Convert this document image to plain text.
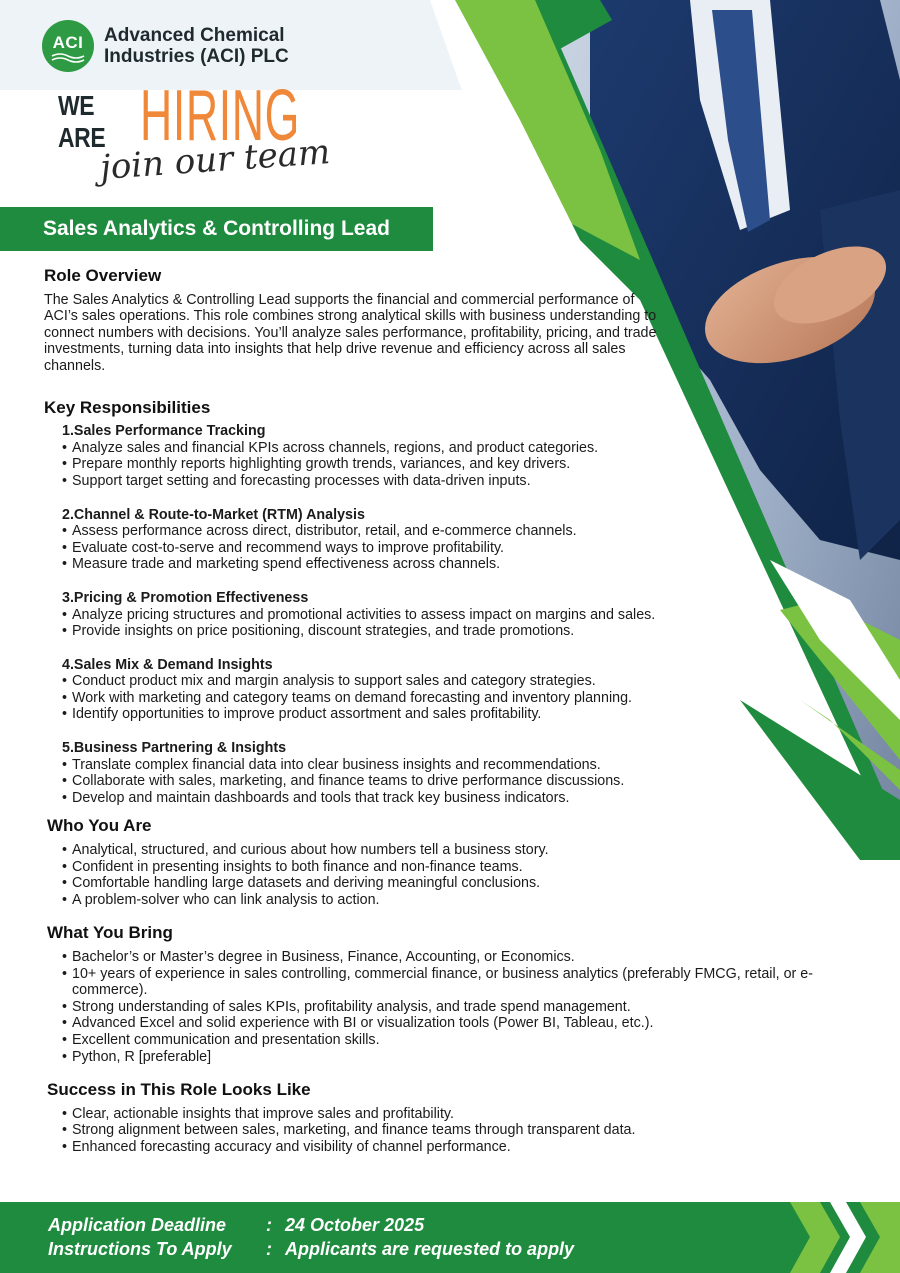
ACI Advanced Chemical
Industries (ACI) PLC
WE ARE HIRING
join our team
Sales Analytics & Controlling Lead
Role Overview

The Sales Analytics & Controlling Lead supports the financial and commercial performance of ACI’s sales operations. This role combines strong analytical skills with business understanding to connect numbers with decisions. You’ll analyze sales performance, profitability, pricing, and trade investments, turning data into insights that help drive revenue and efficiency across all sales channels.

Key Responsibilities
1.Sales Performance Tracking
• Analyze sales and financial KPIs across channels, regions, and product categories.
• Prepare monthly reports highlighting growth trends, variances, and key drivers.
• Support target setting and forecasting processes with data-driven inputs.
2.Channel & Route-to-Market (RTM) Analysis
• Assess performance across direct, distributor, retail, and e-commerce channels.
• Evaluate cost-to-serve and recommend ways to improve profitability.
• Measure trade and marketing spend effectiveness across channels.
3.Pricing & Promotion Effectiveness
• Analyze pricing structures and promotional activities to assess impact on margins and sales.
• Provide insights on price positioning, discount strategies, and trade promotions.
4.Sales Mix & Demand Insights
• Conduct product mix and margin analysis to support sales and category strategies.
• Work with marketing and category teams on demand forecasting and inventory planning.
• Identify opportunities to improve product assortment and sales profitability.
5.Business Partnering & Insights
• Translate complex financial data into clear business insights and recommendations.
• Collaborate with sales, marketing, and finance teams to drive performance discussions.
• Develop and maintain dashboards and tools that track key business indicators.
Who You Are
• Analytical, structured, and curious about how numbers tell a business story.
• Confident in presenting insights to both finance and non-finance teams.
• Comfortable handling large datasets and deriving meaningful conclusions.
• A problem-solver who can link analysis to action.
What You Bring
• Bachelor’s or Master’s degree in Business, Finance, Accounting, or Economics.
• 10+ years of experience in sales controlling, commercial finance, or business analytics (preferably FMCG, retail, or e-commerce).
• Strong understanding of sales KPIs, profitability analysis, and trade spend management.
• Advanced Excel and solid experience with BI or visualization tools (Power BI, Tableau, etc.).
• Excellent communication and presentation skills.
• Python, R [preferable]
Success in This Role Looks Like
• Clear, actionable insights that improve sales and profitability.
• Strong alignment between sales, marketing, and finance teams through transparent data.
• Enhanced forecasting accuracy and visibility of channel performance.
Application Deadline	: 24 October 2025
Instructions To Apply	: Applicants are requested to apply
